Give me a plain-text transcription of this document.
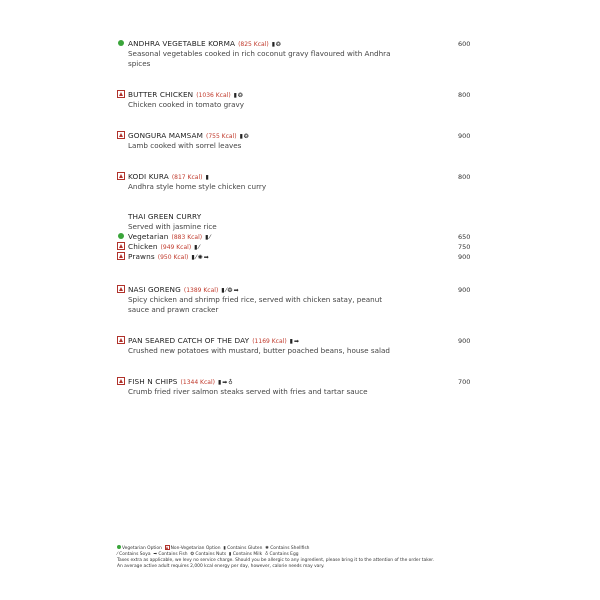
ANDHRA VEGETABLE KORMA (825 Kcal) ▮❂	600
Seasonal vegetables cooked in rich coconut gravy flavoured with Andhra spices
BUTTER CHICKEN (1036 Kcal) ▮❂	800
Chicken cooked in tomato gravy
GONGURA MAMSAM (755 Kcal) ▮❂	900
Lamb cooked with sorrel leaves
KODI KURA (817 Kcal) ▮	800
Andhra style home style chicken curry
THAI GREEN CURRY
Served with jasmine rice
Vegetarian (883 Kcal) ▮⁄	650
Chicken (949 Kcal) ▮⁄	750
Prawns (950 Kcal) ▮⁄✺➡	900
NASI GORENG (1389 Kcal) ▮⁄❂➡	900
Spicy chicken and shrimp fried rice, served with chicken satay, peanut sauce and prawn cracker
PAN SEARED CATCH OF THE DAY (1169 Kcal) ▮➡	900
Crushed new potatoes with mustard, butter poached beans, house salad
FISH N CHIPS (1344 Kcal) ▮➡♁	700
Crumb fried river salmon steaks served with fries and tartar sauce
Vegetarian Option Non-Vegetarian Option ▮ Contains Gluten ✺ Contains Shellfish
⁄ Contains Soya ➡ Contains Fish ❂ Contains Nuts ▮ Contains Milk ♁ Contains Egg
Taxes extra as applicable, we levy no service charge. Should you be allergic to any ingredient, please bring it to the attention of the order taker.
An average active adult requires 2,000 kcal energy per day, however, calorie needs may vary.
